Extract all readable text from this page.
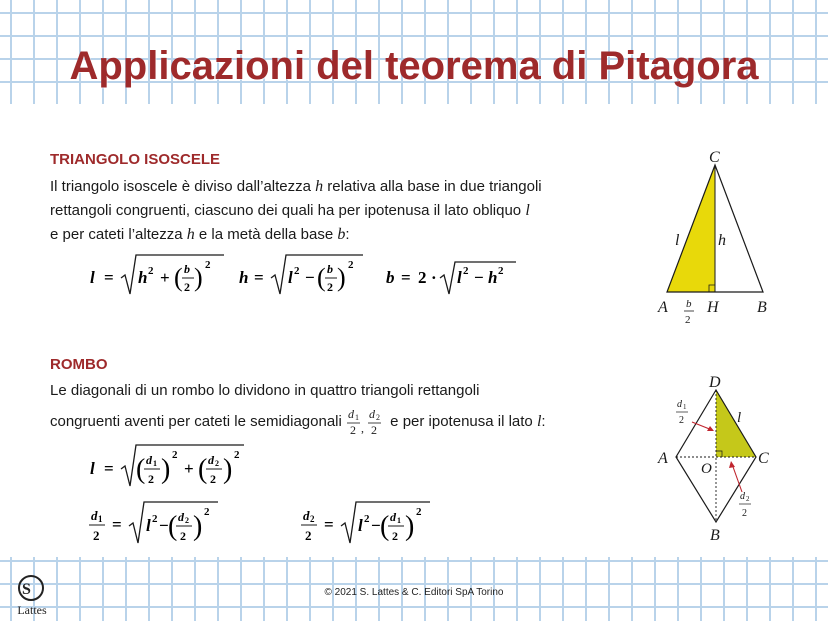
Applicazioni del teorema di Pitagora
TRIANGOLO ISOSCELE
Il triangolo isoscele è diviso dall’altezza h relativa alla base in due triangoli
rettangoli congruenti, ciascuno dei quali ha per ipotenusa il lato obliquo l
e per cateti l’altezza h e la metà della base b:
l = h 2 + ( b
2 ) 2
h = l 2 − ( b
2 ) 2
b = 2 · l 2 − h 2
C
l h
A b
2
H B
ROMBO
Le diagonali di un rombo lo dividono in quattro triangoli rettangoli
congruenti aventi per cateti le semidiagonali d 1
2 ,
d 2
2 e per ipotenusa il lato l:
l = ( d 1
2 ) 2
+ ( d 2
2 ) 2
d 1
2
= l 2 − ( d 2
2 ) 2	d 2
2
= l 2 − ( d 1
2 ) 2
D
l
A
O
C
B
d 1
2
d 2
2
S
Lattes
© 2021 S. Lattes & C. Editori SpA Torino
